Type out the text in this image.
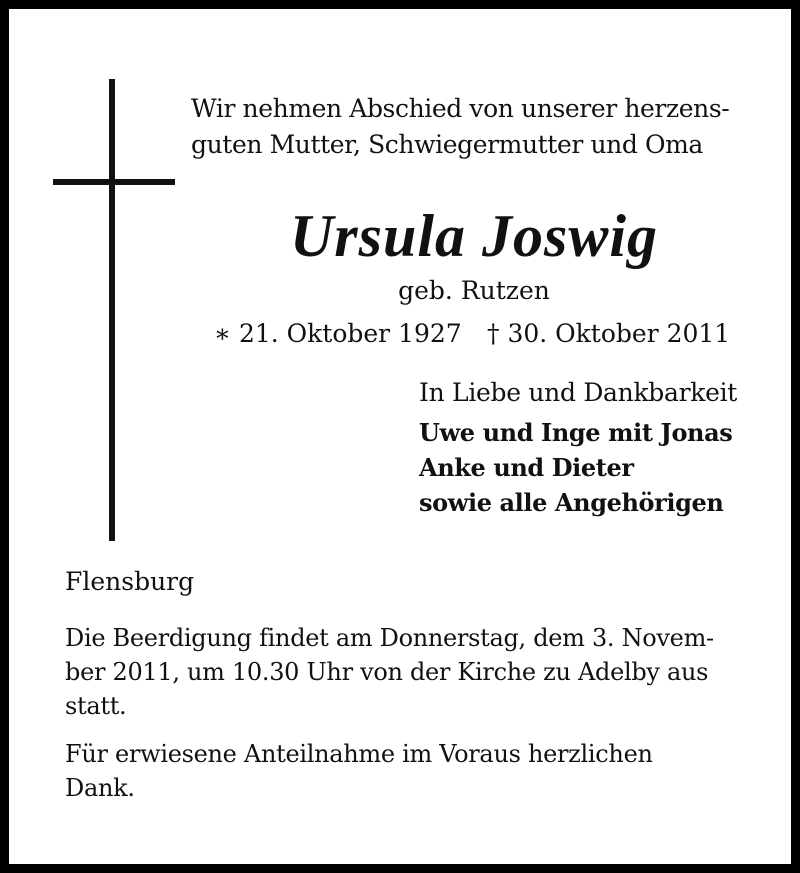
Wir nehmen Abschied von unserer herzens-
guten Mutter, Schwiegermutter und Oma
Ursula Joswig
geb. Rutzen
∗ 21. Oktober 1927 † 30. Oktober 2011
In Liebe und Dankbarkeit
Uwe und Inge mit Jonas
Anke und Dieter
sowie alle Angehörigen
Flensburg
Die Beerdigung findet am Donnerstag, dem 3. Novem-
ber 2011, um 10.30 Uhr von der Kirche zu Adelby aus
statt.
Für erwiesene Anteilnahme im Voraus herzlichen
Dank.
